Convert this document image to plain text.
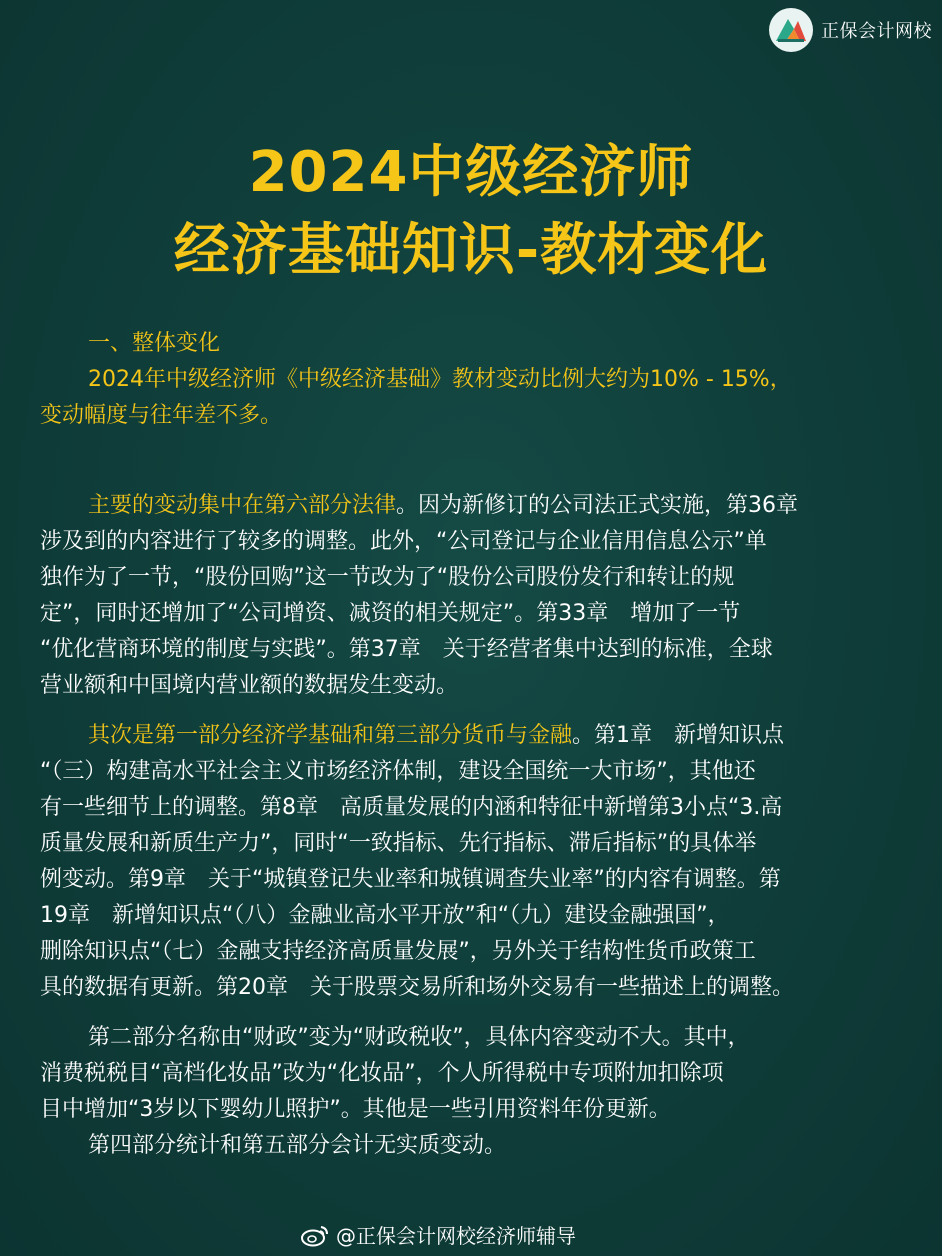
正保会计网校
2024中级经济师
经济基础知识-教材变化
一、整体变化
2024年中级经济师《中级经济基础》教材变动比例大约为10% - 15%，
变动幅度与往年差不多。
主要的变动集中在第六部分法律。因为新修订的公司法正式实施，第36章
涉及到的内容进行了较多的调整。此外，“公司登记与企业信用信息公示”单
独作为了一节，“股份回购”这一节改为了“股份公司股份发行和转让的规
定”，同时还增加了“公司增资、减资的相关规定”。第33章　增加了一节
“优化营商环境的制度与实践”。第37章　关于经营者集中达到的标准，全球
营业额和中国境内营业额的数据发生变动。
其次是第一部分经济学基础和第三部分货币与金融。第1章　新增知识点
“（三）构建高水平社会主义市场经济体制，建设全国统一大市场”，其他还
有一些细节上的调整。第8章　高质量发展的内涵和特征中新增第3小点“3.高
质量发展和新质生产力”，同时“一致指标、先行指标、滞后指标”的具体举
例变动。第9章　关于“城镇登记失业率和城镇调查失业率”的内容有调整。第
19章　新增知识点“（八）金融业高水平开放”和“（九）建设金融强国”，
删除知识点“（七）金融支持经济高质量发展”，另外关于结构性货币政策工
具的数据有更新。第20章　关于股票交易所和场外交易有一些描述上的调整。
第二部分名称由“财政”变为“财政税收”，具体内容变动不大。其中，
消费税税目“高档化妆品”改为“化妆品”，个人所得税中专项附加扣除项
目中增加“3岁以下婴幼儿照护”。其他是一些引用资料年份更新。
第四部分统计和第五部分会计无实质变动。
@正保会计网校经济师辅导
